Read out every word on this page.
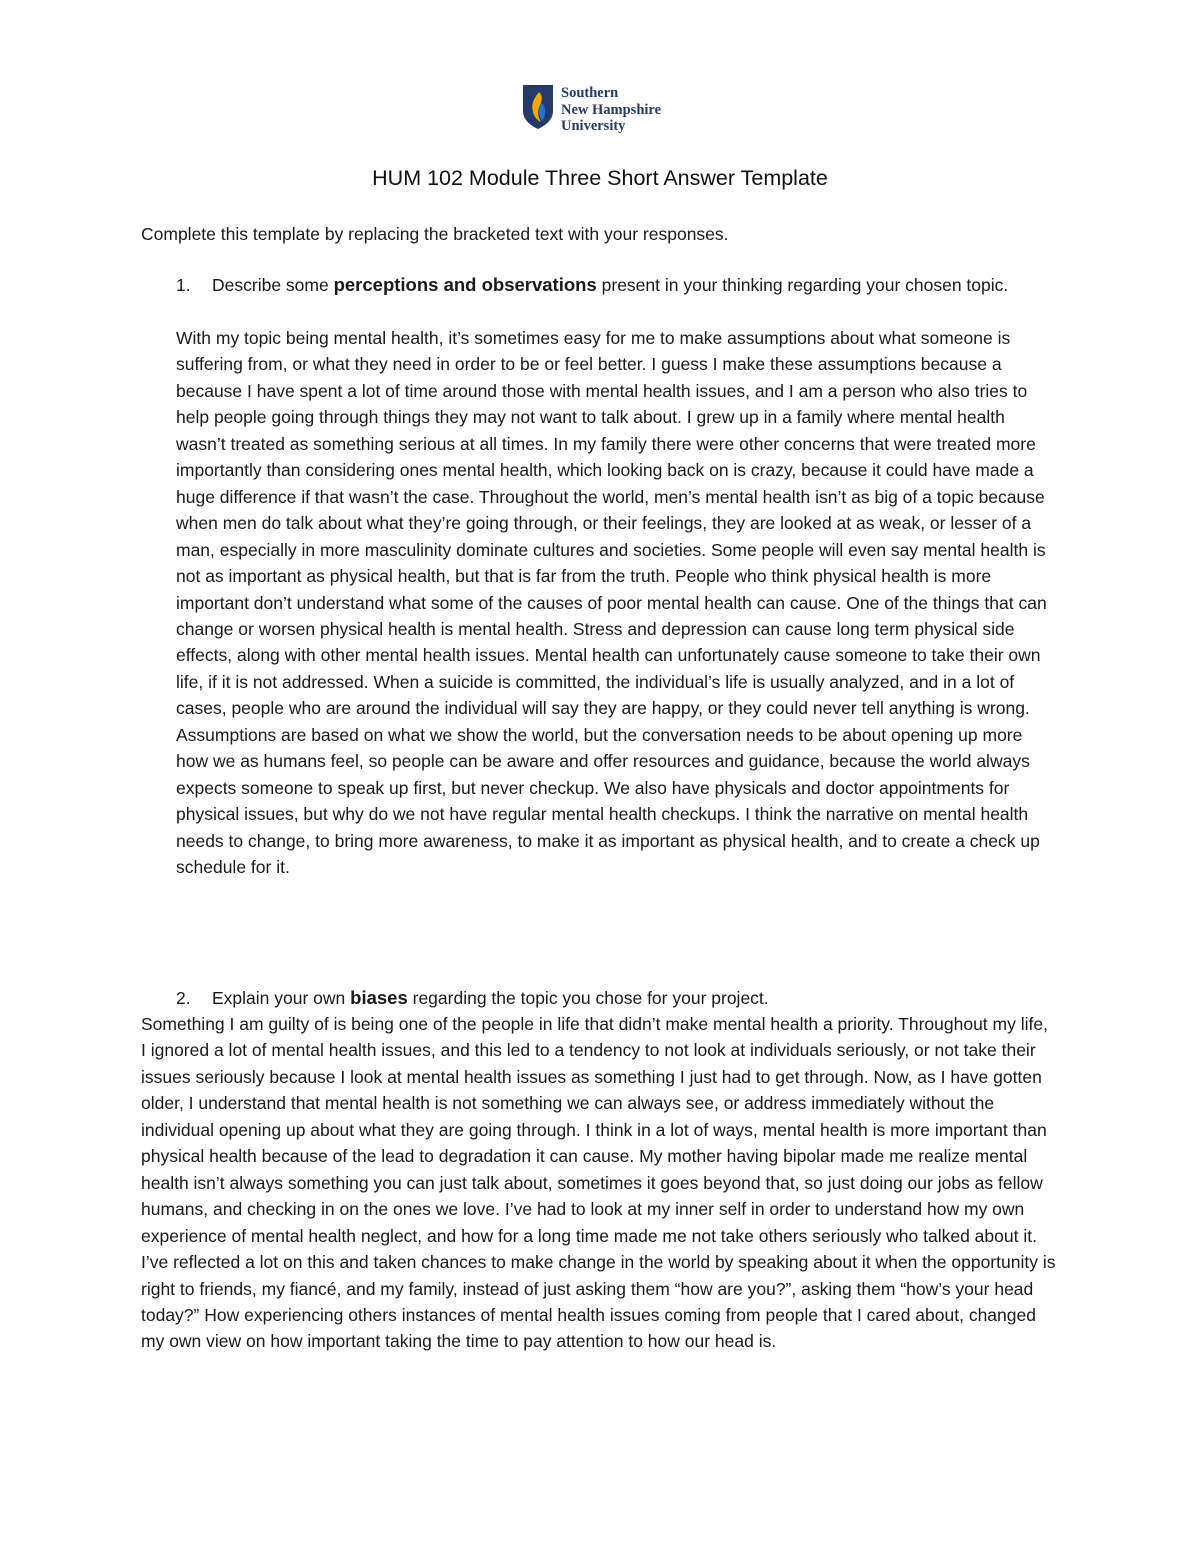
Southern
New Hampshire
University
HUM 102 Module Three Short Answer Template
Complete this template by replacing the bracketed text with your responses.
1.	Describe some perceptions and observations present in your thinking regarding your chosen topic.

With my topic being mental health, it’s sometimes easy for me to make assumptions about what someone is suffering from, or what they need in order to be or feel better. I guess I make these assumptions because a because I have spent a lot of time around those with mental health issues, and I am a person who also tries to help people going through things they may not want to talk about. I grew up in a family where mental health wasn’t treated as something serious at all times. In my family there were other concerns that were treated more importantly than considering ones mental health, which looking back on is crazy, because it could have made a huge difference if that wasn’t the case. Throughout the world, men’s mental health isn’t as big of a topic because when men do talk about what they’re going through, or their feelings, they are looked at as weak, or lesser of a man, especially in more masculinity dominate cultures and societies. Some people will even say mental health is not as important as physical health, but that is far from the truth. People who think physical health is more important don’t understand what some of the causes of poor mental health can cause. One of the things that can change or worsen physical health is mental health. Stress and depression can cause long term physical side effects, along with other mental health issues. Mental health can unfortunately cause someone to take their own life, if it is not addressed. When a suicide is committed, the individual’s life is usually analyzed, and in a lot of cases, people who are around the individual will say they are happy, or they could never tell anything is wrong. Assumptions are based on what we show the world, but the conversation needs to be about opening up more how we as humans feel, so people can be aware and offer resources and guidance, because the world always expects someone to speak up first, but never checkup. We also have physicals and doctor appointments for physical issues, but why do we not have regular mental health checkups. I think the narrative on mental health needs to change, to bring more awareness, to make it as important as physical health, and to create a check up schedule for it.

2.	Explain your own biases regarding the topic you chose for your project.

Something I am guilty of is being one of the people in life that didn’t make mental health a priority. Throughout my life, I ignored a lot of mental health issues, and this led to a tendency to not look at individuals seriously, or not take their issues seriously because I look at mental health issues as something I just had to get through. Now, as I have gotten older, I understand that mental health is not something we can always see, or address immediately without the individual opening up about what they are going through. I think in a lot of ways, mental health is more important than physical health because of the lead to degradation it can cause. My mother having bipolar made me realize mental health isn’t always something you can just talk about, sometimes it goes beyond that, so just doing our jobs as fellow humans, and checking in on the ones we love. I’ve had to look at my inner self in order to understand how my own experience of mental health neglect, and how for a long time made me not take others seriously who talked about it. I’ve reflected a lot on this and taken chances to make change in the world by speaking about it when the opportunity is right to friends, my fiancé, and my family, instead of just asking them “how are you?”, asking them “how’s your head today?” How experiencing others instances of mental health issues coming from people that I cared about, changed my own view on how important taking the time to pay attention to how our head is.
